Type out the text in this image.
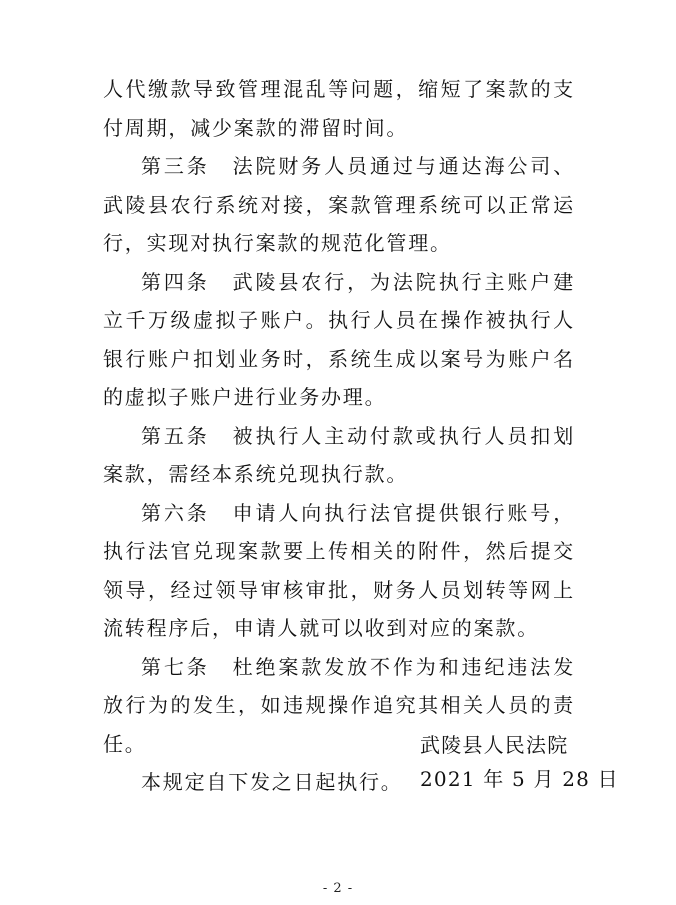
人代缴款导致管理混乱等问题，缩短了案款的支付周期，减少案款的滞留时间。

第三条　法院财务人员通过与通达海公司、武陵县农行系统对接，案款管理系统可以正常运行，实现对执行案款的规范化管理。

第四条　武陵县农行，为法院执行主账户建立千万级虚拟子账户。执行人员在操作被执行人银行账户扣划业务时，系统生成以案号为账户名的虚拟子账户进行业务办理。

第五条　被执行人主动付款或执行人员扣划案款，需经本系统兑现执行款。

第六条　申请人向执行法官提供银行账号，执行法官兑现案款要上传相关的附件，然后提交领导，经过领导审核审批，财务人员划转等网上流转程序后，申请人就可以收到对应的案款。

第七条　杜绝案款发放不作为和违纪违法发放行为的发生，如违规操作追究其相关人员的责任。

本规定自下发之日起执行。

武陵县人民法院
2021 年 5 月 28 日
- 2 -
